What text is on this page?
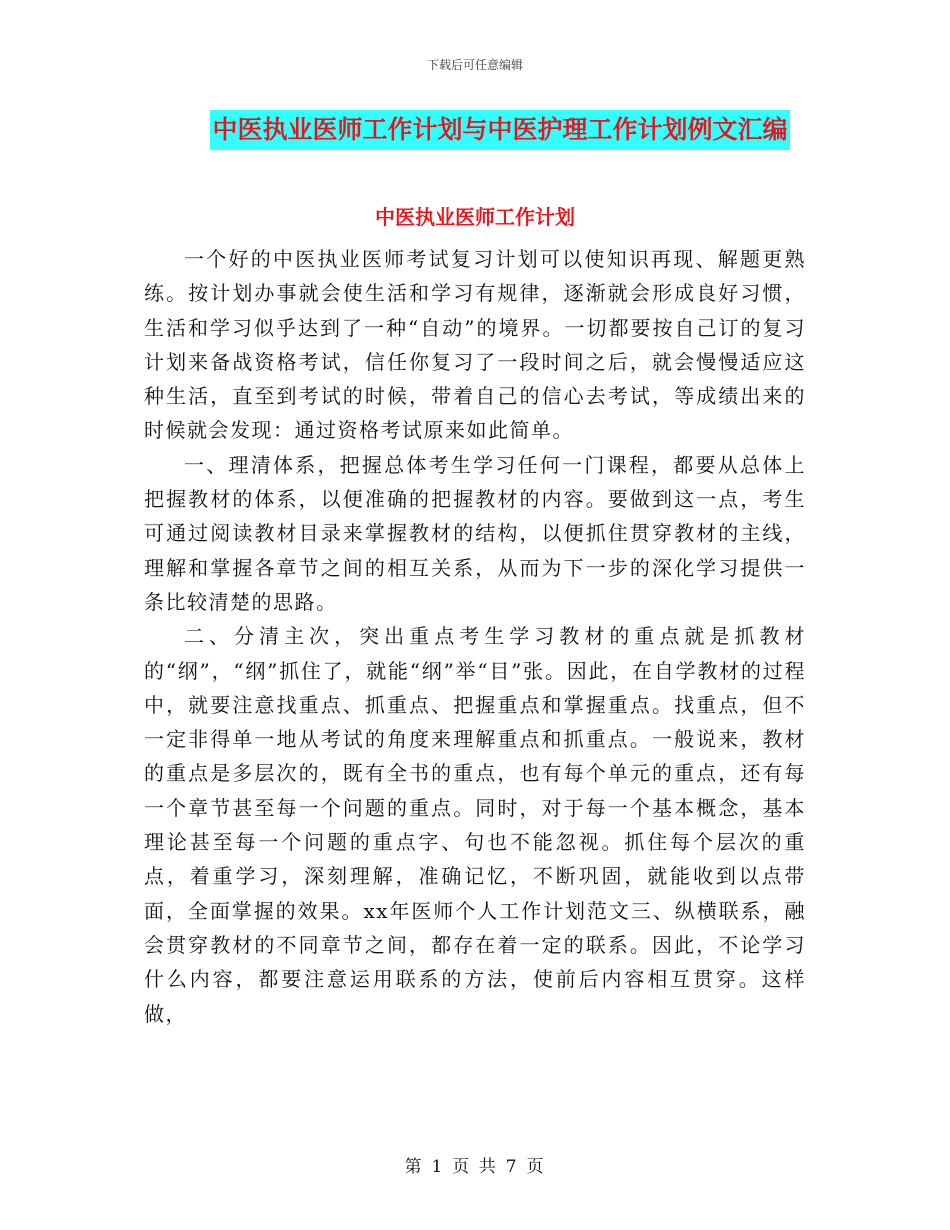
下载后可任意编辑
中医执业医师工作计划与中医护理工作计划例文汇编
中医执业医师工作计划

一个好的中医执业医师考试复习计划可以使知识再现、解题更熟练。按计划办事就会使生活和学习有规律，逐渐就会形成良好习惯，生活和学习似乎达到了一种“自动”的境界。一切都要按自己订的复习计划来备战资格考试，信任你复习了一段时间之后，就会慢慢适应这种生活，直至到考试的时候，带着自己的信心去考试，等成绩出来的时候就会发现：通过资格考试原来如此简单。

一、理清体系，把握总体考生学习任何一门课程，都要从总体上把握教材的体系，以便准确的把握教材的内容。要做到这一点，考生可通过阅读教材目录来掌握教材的结构，以便抓住贯穿教材的主线，理解和掌握各章节之间的相互关系，从而为下一步的深化学习提供一条比较清楚的思路。

二、分清主次，突出重点考生学习教材的重点就是抓教材的“纲”，“纲”抓住了，就能“纲”举“目”张。因此，在自学教材的过程中，就要注意找重点、抓重点、把握重点和掌握重点。找重点，但不一定非得单一地从考试的角度来理解重点和抓重点。一般说来，教材的重点是多层次的，既有全书的重点，也有每个单元的重点，还有每一个章节甚至每一个问题的重点。同时，对于每一个基本概念，基本理论甚至每一个问题的重点字、句也不能忽视。抓住每个层次的重点，着重学习，深刻理解，准确记忆，不断巩固，就能收到以点带面，全面掌握的效果。xx年医师个人工作计划范文三、纵横联系，融会贯穿教材的不同章节之间，都存在着一定的联系。因此，不论学习什么内容，都要注意运用联系的方法，使前后内容相互贯穿。这样做，

第 1 页 共 7 页
